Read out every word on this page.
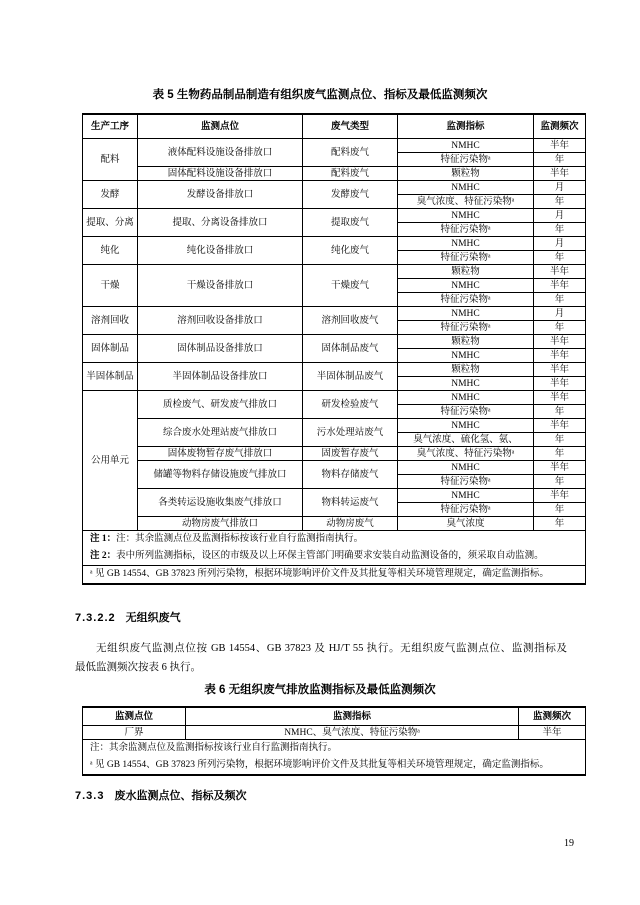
表 5 生物药品制品制造有组织废气监测点位、指标及最低监测频次
生产工序	监测点位	废气类型	监测指标	监测频次
配料	液体配料设施设备排放口	配料废气	NMHC	半年
			特征污染物ᵃ	年
	固体配料设施设备排放口	配料废气	颗粒物	半年
发酵	发酵设备排放口	发酵废气	NMHC	月
			臭气浓度、特征污染物ᵃ	年
提取、分离	提取、分离设备排放口	提取废气	NMHC	月
			特征污染物ᵃ	年
纯化	纯化设备排放口	纯化废气	NMHC	月
			特征污染物ᵃ	年
干燥	干燥设备排放口	干燥废气	颗粒物	半年
			NMHC	半年
			特征污染物ᵃ	年
溶剂回收	溶剂回收设备排放口	溶剂回收废气	NMHC	月
			特征污染物ᵃ	年
固体制品	固体制品设备排放口	固体制品废气	颗粒物	半年
			NMHC	半年
半固体制品	半固体制品设备排放口	半固体制品废气	颗粒物	半年
			NMHC	半年
公用单元	质检废气、研发废气排放口	研发检验废气	NMHC	半年
			特征污染物ᵃ	年
	综合废水处理站废气排放口	污水处理站废气	NMHC	半年
			臭气浓度、硫化氢、氨、	年
	固体废物暂存废气排放口	固废暂存废气	臭气浓度、特征污染物ᵃ	年
	储罐等物料存储设施废气排放口	物料存储废气	NMHC	半年
			特征污染物ᵃ	年
	各类转运设施收集废气排放口	物料转运废气	NMHC	半年
			特征污染物ᵃ	年
	动物房废气排放口	动物房废气	臭气浓度	年
注 1：注：其余监测点位及监测指标按该行业自行监测指南执行。				
注 2：表中所列监测指标，设区的市级及以上环保主管部门明确要求安装自动监测设备的，须采取自动监测。				
ᵃ 见 GB 14554、GB 37823 所列污染物，根据环境影响评价文件及其批复等相关环境管理规定，确定监测指标。				
7.3.2.2 无组织废气
无组织废气监测点位按 GB 14554、GB 37823 及 HJ/T 55 执行。无组织废气监测点位、监测指标及
最低监测频次按表 6 执行。
表 6 无组织废气排放监测指标及最低监测频次
监测点位	监测指标	监测频次
厂界	NMHC、臭气浓度、特征污染物ᵃ	半年
注：其余监测点位及监测指标按该行业自行监测指南执行。		
ᵃ 见 GB 14554、GB 37823 所列污染物，根据环境影响评价文件及其批复等相关环境管理规定，确定监测指标。		
7.3.3 废水监测点位、指标及频次
19
